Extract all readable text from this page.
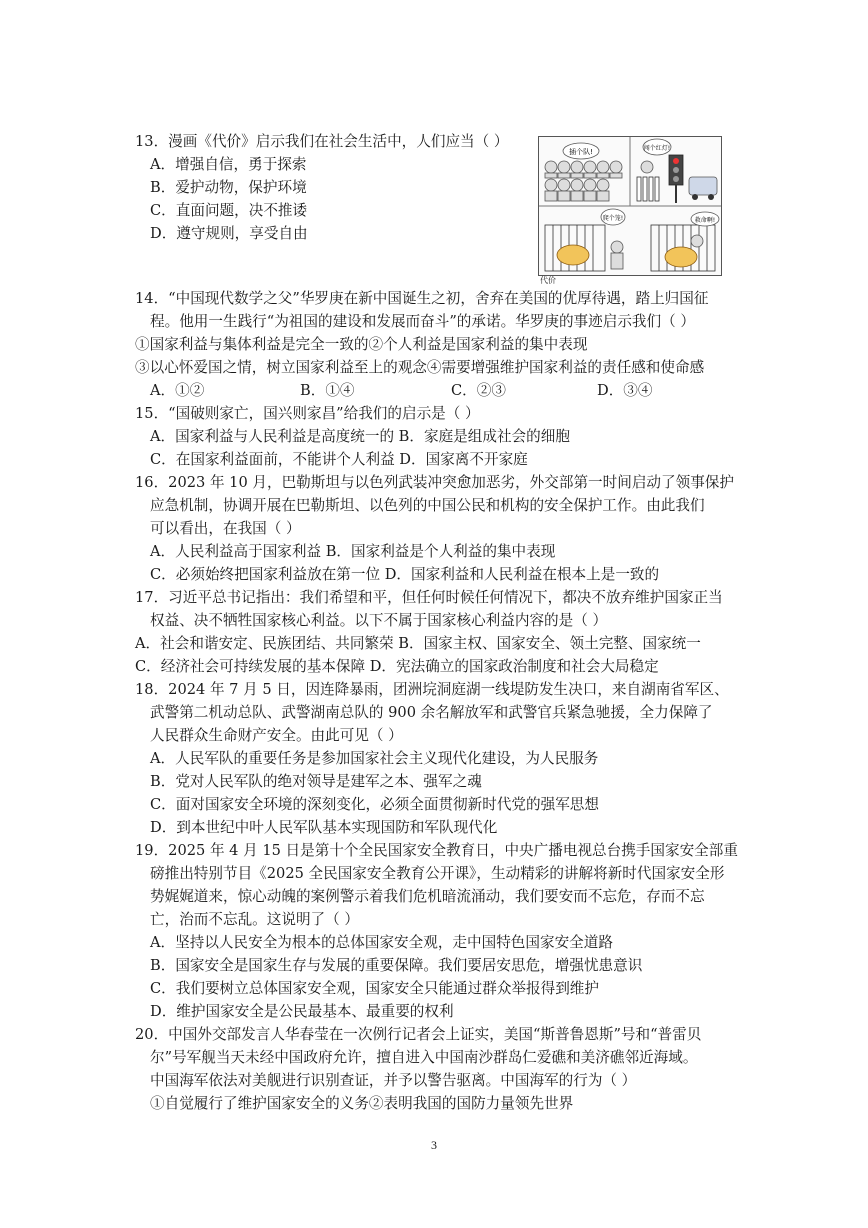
13．漫画《代价》启示我们在社会生活中，人们应当（ ）
A．增强自信，勇于探索
B．爱护动物，保护环境
C．直面问题，决不推诿
D．遵守规则，享受自由
14．“中国现代数学之父”华罗庚在新中国诞生之初，舍弃在美国的优厚待遇，踏上归国征
程。他用一生践行“为祖国的建设和发展而奋斗”的承诺。华罗庚的事迹启示我们（ ）
①国家利益与集体利益是完全一致的②个人利益是国家利益的集中表现
③以心怀爱国之情，树立国家利益至上的观念④需要增强维护国家利益的责任感和使命感
A．①②	B．①④	C．②③	D．③④
15．“国破则家亡，国兴则家昌”给我们的启示是（ ）
A．国家利益与人民利益是高度统一的 B．家庭是组成社会的细胞
C．在国家利益面前，不能讲个人利益 D．国家离不开家庭
16．2023 年 10 月，巴勒斯坦与以色列武装冲突愈加恶劣，外交部第一时间启动了领事保护
应急机制，协调开展在巴勒斯坦、以色列的中国公民和机构的安全保护工作。由此我们
可以看出，在我国（ ）
A．人民利益高于国家利益 B．国家利益是个人利益的集中表现
C．必须始终把国家利益放在第一位 D．国家利益和人民利益在根本上是一致的
17．习近平总书记指出：我们希望和平，但任何时候任何情况下，都决不放弃维护国家正当
权益、决不牺牲国家核心利益。以下不属于国家核心利益内容的是（ ）
A．社会和谐安定、民族团结、共同繁荣 B．国家主权、国家安全、领土完整、国家统一
C．经济社会可持续发展的基本保障 D．宪法确立的国家政治制度和社会大局稳定
18．2024 年 7 月 5 日，因连降暴雨，团洲垸洞庭湖一线堤防发生决口，来自湖南省军区、
武警第二机动总队、武警湖南总队的 900 余名解放军和武警官兵紧急驰援，全力保障了
人民群众生命财产安全。由此可见（ ）
A．人民军队的重要任务是参加国家社会主义现代化建设，为人民服务
B．党对人民军队的绝对领导是建军之本、强军之魂
C．面对国家安全环境的深刻变化，必须全面贯彻新时代党的强军思想
D．到本世纪中叶人民军队基本实现国防和军队现代化
19．2025 年 4 月 15 日是第十个全民国家安全教育日，中央广播电视总台携手国家安全部重
磅推出特别节目《2025 全民国家安全教育公开课》，生动精彩的讲解将新时代国家安全形
势娓娓道来，惊心动魄的案例警示着我们危机暗流涌动，我们要安而不忘危，存而不忘
亡，治而不忘乱。这说明了（ ）
A．坚持以人民安全为根本的总体国家安全观，走中国特色国家安全道路
B．国家安全是国家生存与发展的重要保障。我们要居安思危，增强忧患意识
C．我们要树立总体国家安全观，国家安全只能通过群众举报得到维护
D．维护国家安全是公民最基本、最重要的权利
20．中国外交部发言人华春莹在一次例行记者会上证实，美国“斯普鲁恩斯”号和“普雷贝
尔”号军舰当天未经中国政府允许，擅自进入中国南沙群岛仁爱礁和美济礁邻近海域。
中国海军依法对美舰进行识别查证，并予以警告驱离。中国海军的行为（ ）
①自觉履行了维护国家安全的义务②表明我国的国防力量领先世界
插个队!	闯个红灯!
爬个笼!	救命啊!
代价
3
